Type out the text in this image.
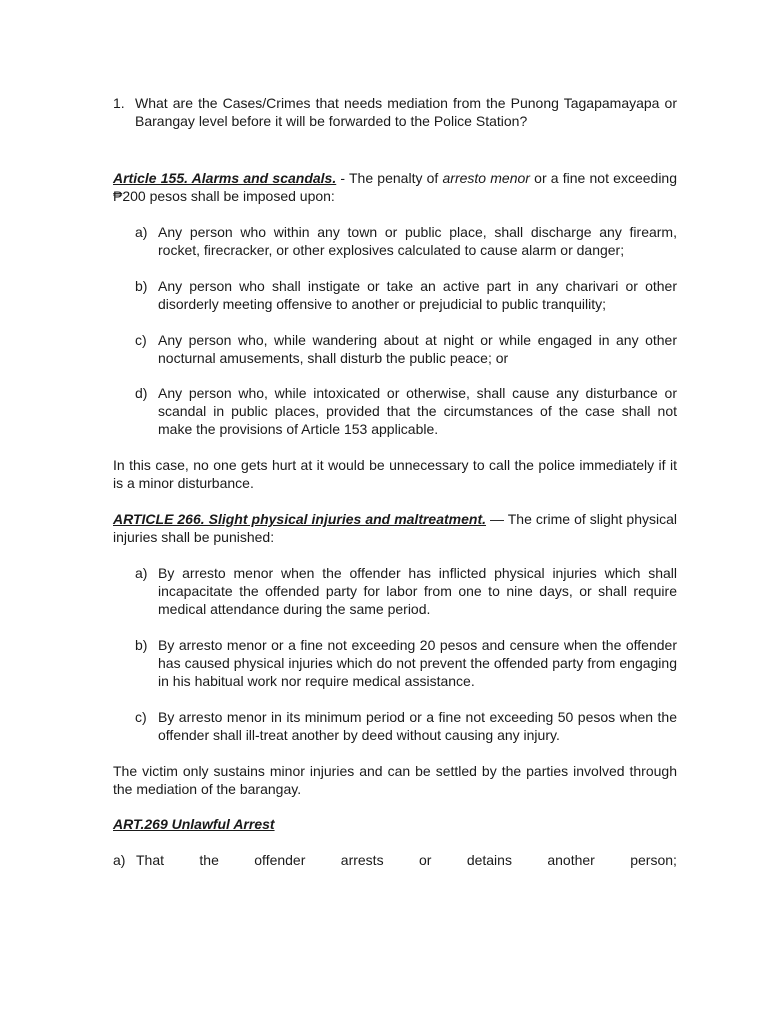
1. What are the Cases/Crimes that needs mediation from the Punong Tagapamayapa or Barangay level before it will be forwarded to the Police Station?

Article 155. Alarms and scandals. - The penalty of arresto menor or a fine not exceeding ₱200 pesos shall be imposed upon:

a) Any person who within any town or public place, shall discharge any firearm, rocket, firecracker, or other explosives calculated to cause alarm or danger;
b) Any person who shall instigate or take an active part in any charivari or other disorderly meeting offensive to another or prejudicial to public tranquility;
c) Any person who, while wandering about at night or while engaged in any other nocturnal amusements, shall disturb the public peace; or
d) Any person who, while intoxicated or otherwise, shall cause any disturbance or scandal in public places, provided that the circumstances of the case shall not make the provisions of Article 153 applicable.

In this case, no one gets hurt at it would be unnecessary to call the police immediately if it is a minor disturbance.

ARTICLE 266. Slight physical injuries and maltreatment. — The crime of slight physical injuries shall be punished:

a) By arresto menor when the offender has inflicted physical injuries which shall incapacitate the offended party for labor from one to nine days, or shall require medical attendance during the same period.
b) By arresto menor or a fine not exceeding 20 pesos and censure when the offender has caused physical injuries which do not prevent the offended party from engaging in his habitual work nor require medical assistance.
c) By arresto menor in its minimum period or a fine not exceeding 50 pesos when the offender shall ill-treat another by deed without causing any injury.

The victim only sustains minor injuries and can be settled by the parties involved through the mediation of the barangay.

ART.269 Unlawful Arrest

a) That	the	offender	arrests	or	detains	another	person;
